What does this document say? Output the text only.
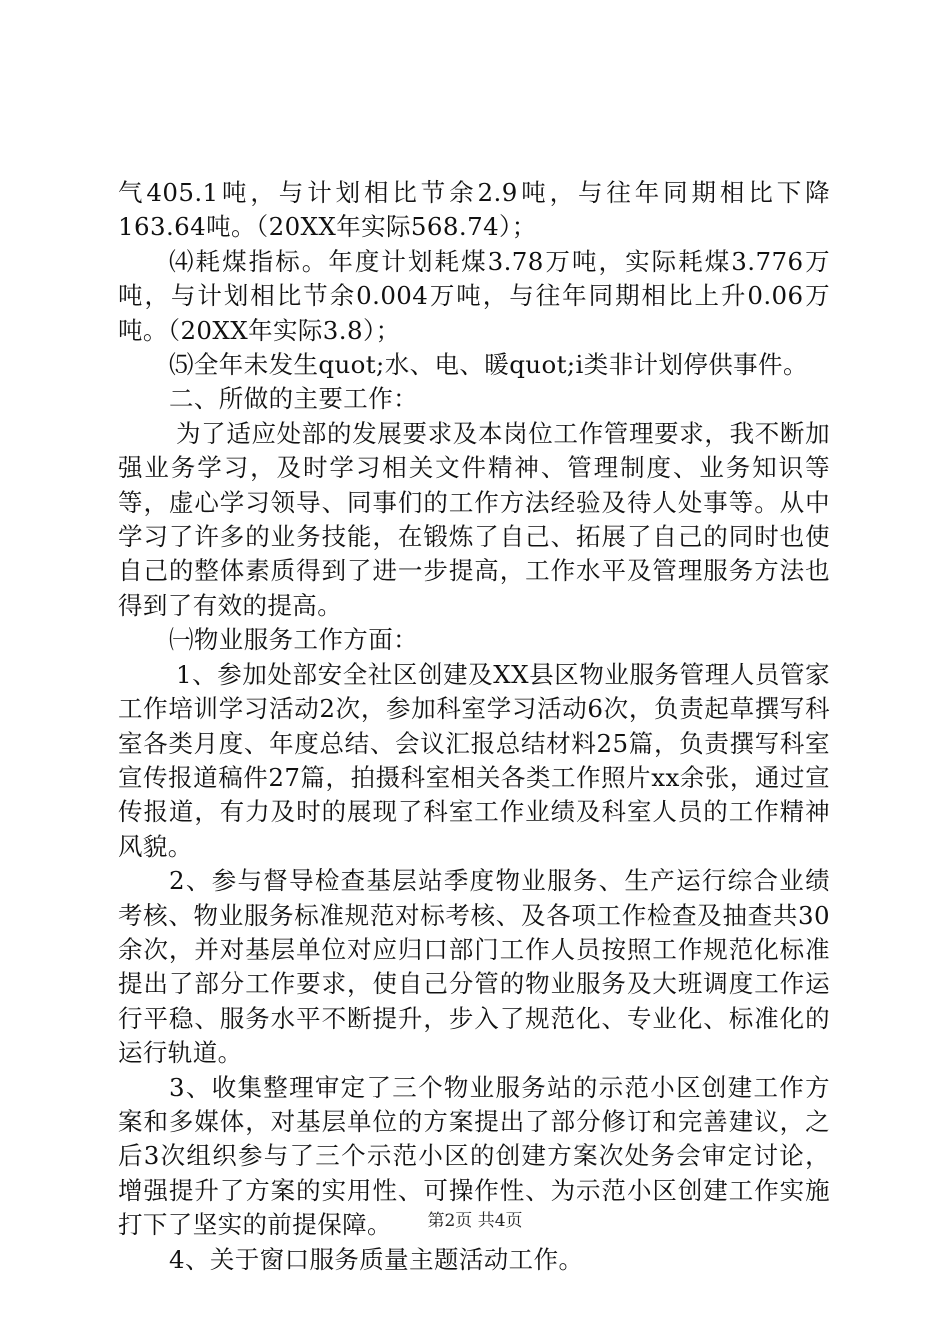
气405.1吨，与计划相比节余2.9吨，与往年同期相比下降163.64吨。（20XX年实际568.74）；

⑷耗煤指标。年度计划耗煤3.78万吨，实际耗煤3.776万吨，与计划相比节余0.004万吨，与往年同期相比上升0.06万吨。（20XX年实际3.8）；

⑸全年未发生quot;水、电、暖quot;ⅰ类非计划停供事件。

二、所做的主要工作：

为了适应处部的发展要求及本岗位工作管理要求，我不断加强业务学习，及时学习相关文件精神、管理制度、业务知识等等，虚心学习领导、同事们的工作方法经验及待人处事等。从中学习了许多的业务技能，在锻炼了自己、拓展了自己的同时也使自己的整体素质得到了进一步提高，工作水平及管理服务方法也得到了有效的提高。

㈠物业服务工作方面：

1、参加处部安全社区创建及XX县区物业服务管理人员管家工作培训学习活动2次，参加科室学习活动6次，负责起草撰写科室各类月度、年度总结、会议汇报总结材料25篇，负责撰写科室宣传报道稿件27篇，拍摄科室相关各类工作照片xx余张，通过宣传报道，有力及时的展现了科室工作业绩及科室人员的工作精神风貌。

2、参与督导检查基层站季度物业服务、生产运行综合业绩考核、物业服务标准规范对标考核、及各项工作检查及抽查共30余次，并对基层单位对应归口部门工作人员按照工作规范化标准提出了部分工作要求，使自己分管的物业服务及大班调度工作运行平稳、服务水平不断提升，步入了规范化、专业化、标准化的运行轨道。

3、收集整理审定了三个物业服务站的示范小区创建工作方案和多媒体，对基层单位的方案提出了部分修订和完善建议，之后3次组织参与了三个示范小区的创建方案次处务会审定讨论，增强提升了方案的实用性、可操作性、为示范小区创建工作实施打下了坚实的前提保障。

4、关于窗口服务质量主题活动工作。

第2页 共4页
